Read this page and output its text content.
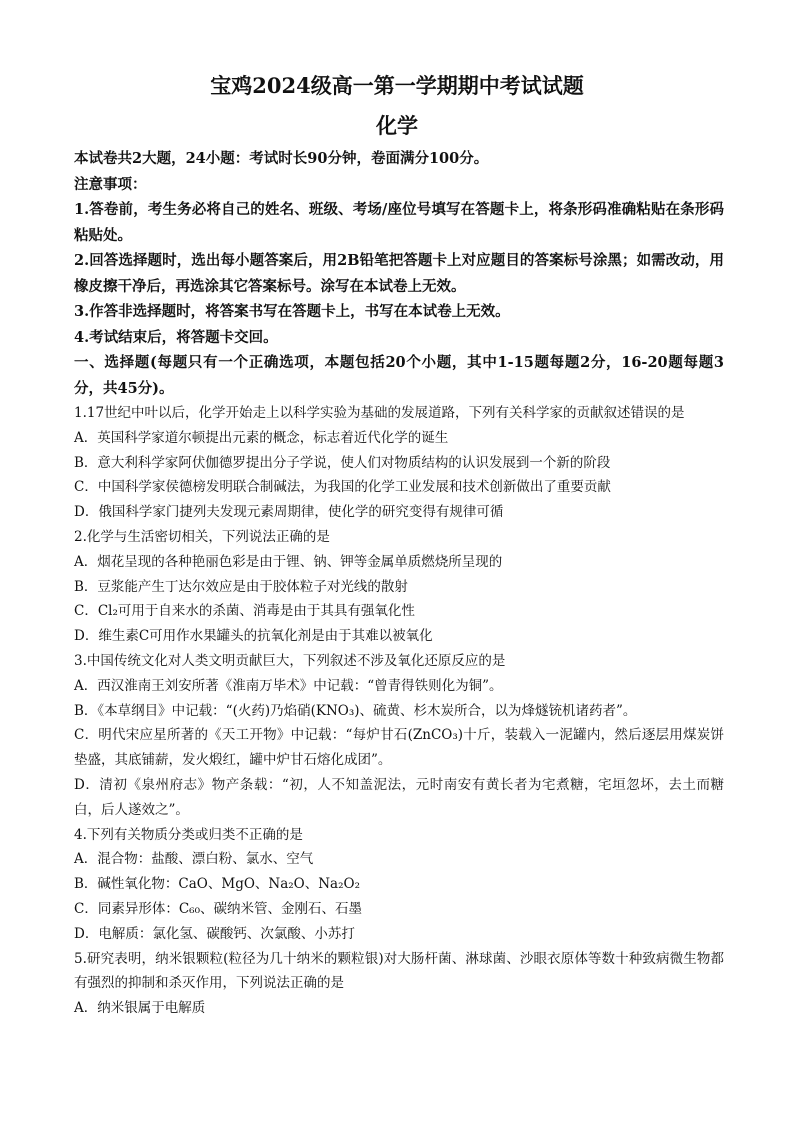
宝鸡2024级高一第一学期期中考试试题
化学
本试卷共2大题，24小题：考试时长90分钟，卷面满分100分。
注意事项：
1.答卷前，考生务必将自己的姓名、班级、考场/座位号填写在答题卡上，将条形码准确粘贴在条形码粘贴处。
2.回答选择题时，选出每小题答案后，用2B铅笔把答题卡上对应题目的答案标号涂黑；如需改动，用橡皮擦干净后，再选涂其它答案标号。涂写在本试卷上无效。
3.作答非选择题时，将答案书写在答题卡上，书写在本试卷上无效。
4.考试结束后，将答题卡交回。
一、选择题(每题只有一个正确选项，本题包括20个小题，其中1-15题每题2分，16-20题每题3分，共45分)。
1.17世纪中叶以后，化学开始走上以科学实验为基础的发展道路，下列有关科学家的贡献叙述错误的是
A．英国科学家道尔顿提出元素的概念，标志着近代化学的诞生
B．意大利科学家阿伏伽德罗提出分子学说，使人们对物质结构的认识发展到一个新的阶段
C．中国科学家侯德榜发明联合制碱法，为我国的化学工业发展和技术创新做出了重要贡献
D．俄国科学家门捷列夫发现元素周期律，使化学的研究变得有规律可循
2.化学与生活密切相关，下列说法正确的是
A．烟花呈现的各种艳丽色彩是由于锂、钠、钾等金属单质燃烧所呈现的
B．豆浆能产生丁达尔效应是由于胶体粒子对光线的散射
C．Cl₂可用于自来水的杀菌、消毒是由于其具有强氧化性
D．维生素C可用作水果罐头的抗氧化剂是由于其难以被氧化
3.中国传统文化对人类文明贡献巨大，下列叙述不涉及氧化还原反应的是
A．西汉淮南王刘安所著《淮南万毕术》中记载：“曾青得铁则化为铜”。
B．《本草纲目》中记载：“(火药)乃焰硝(KNO₃)、硫黄、杉木炭所合，以为烽燧铳机诸药者”。
C．明代宋应星所著的《天工开物》中记载：“每炉甘石(ZnCO₃)十斤，装载入一泥罐内，然后逐层用煤炭饼垫盛，其底铺薪，发火煅红，罐中炉甘石熔化成团”。
D．清初《泉州府志》物产条载：“初，人不知盖泥法，元时南安有黄长者为宅煮糖，宅垣忽坏，去土而糖白，后人遂效之”。
4.下列有关物质分类或归类不正确的是
A．混合物：盐酸、漂白粉、氯水、空气
B．碱性氧化物：CaO、MgO、Na₂O、Na₂O₂
C．同素异形体：C₆₀、碳纳米管、金刚石、石墨
D．电解质：氯化氢、碳酸钙、次氯酸、小苏打
5.研究表明，纳米银颗粒(粒径为几十纳米的颗粒银)对大肠杆菌、淋球菌、沙眼衣原体等数十种致病微生物都有强烈的抑制和杀灭作用，下列说法正确的是
A．纳米银属于电解质
